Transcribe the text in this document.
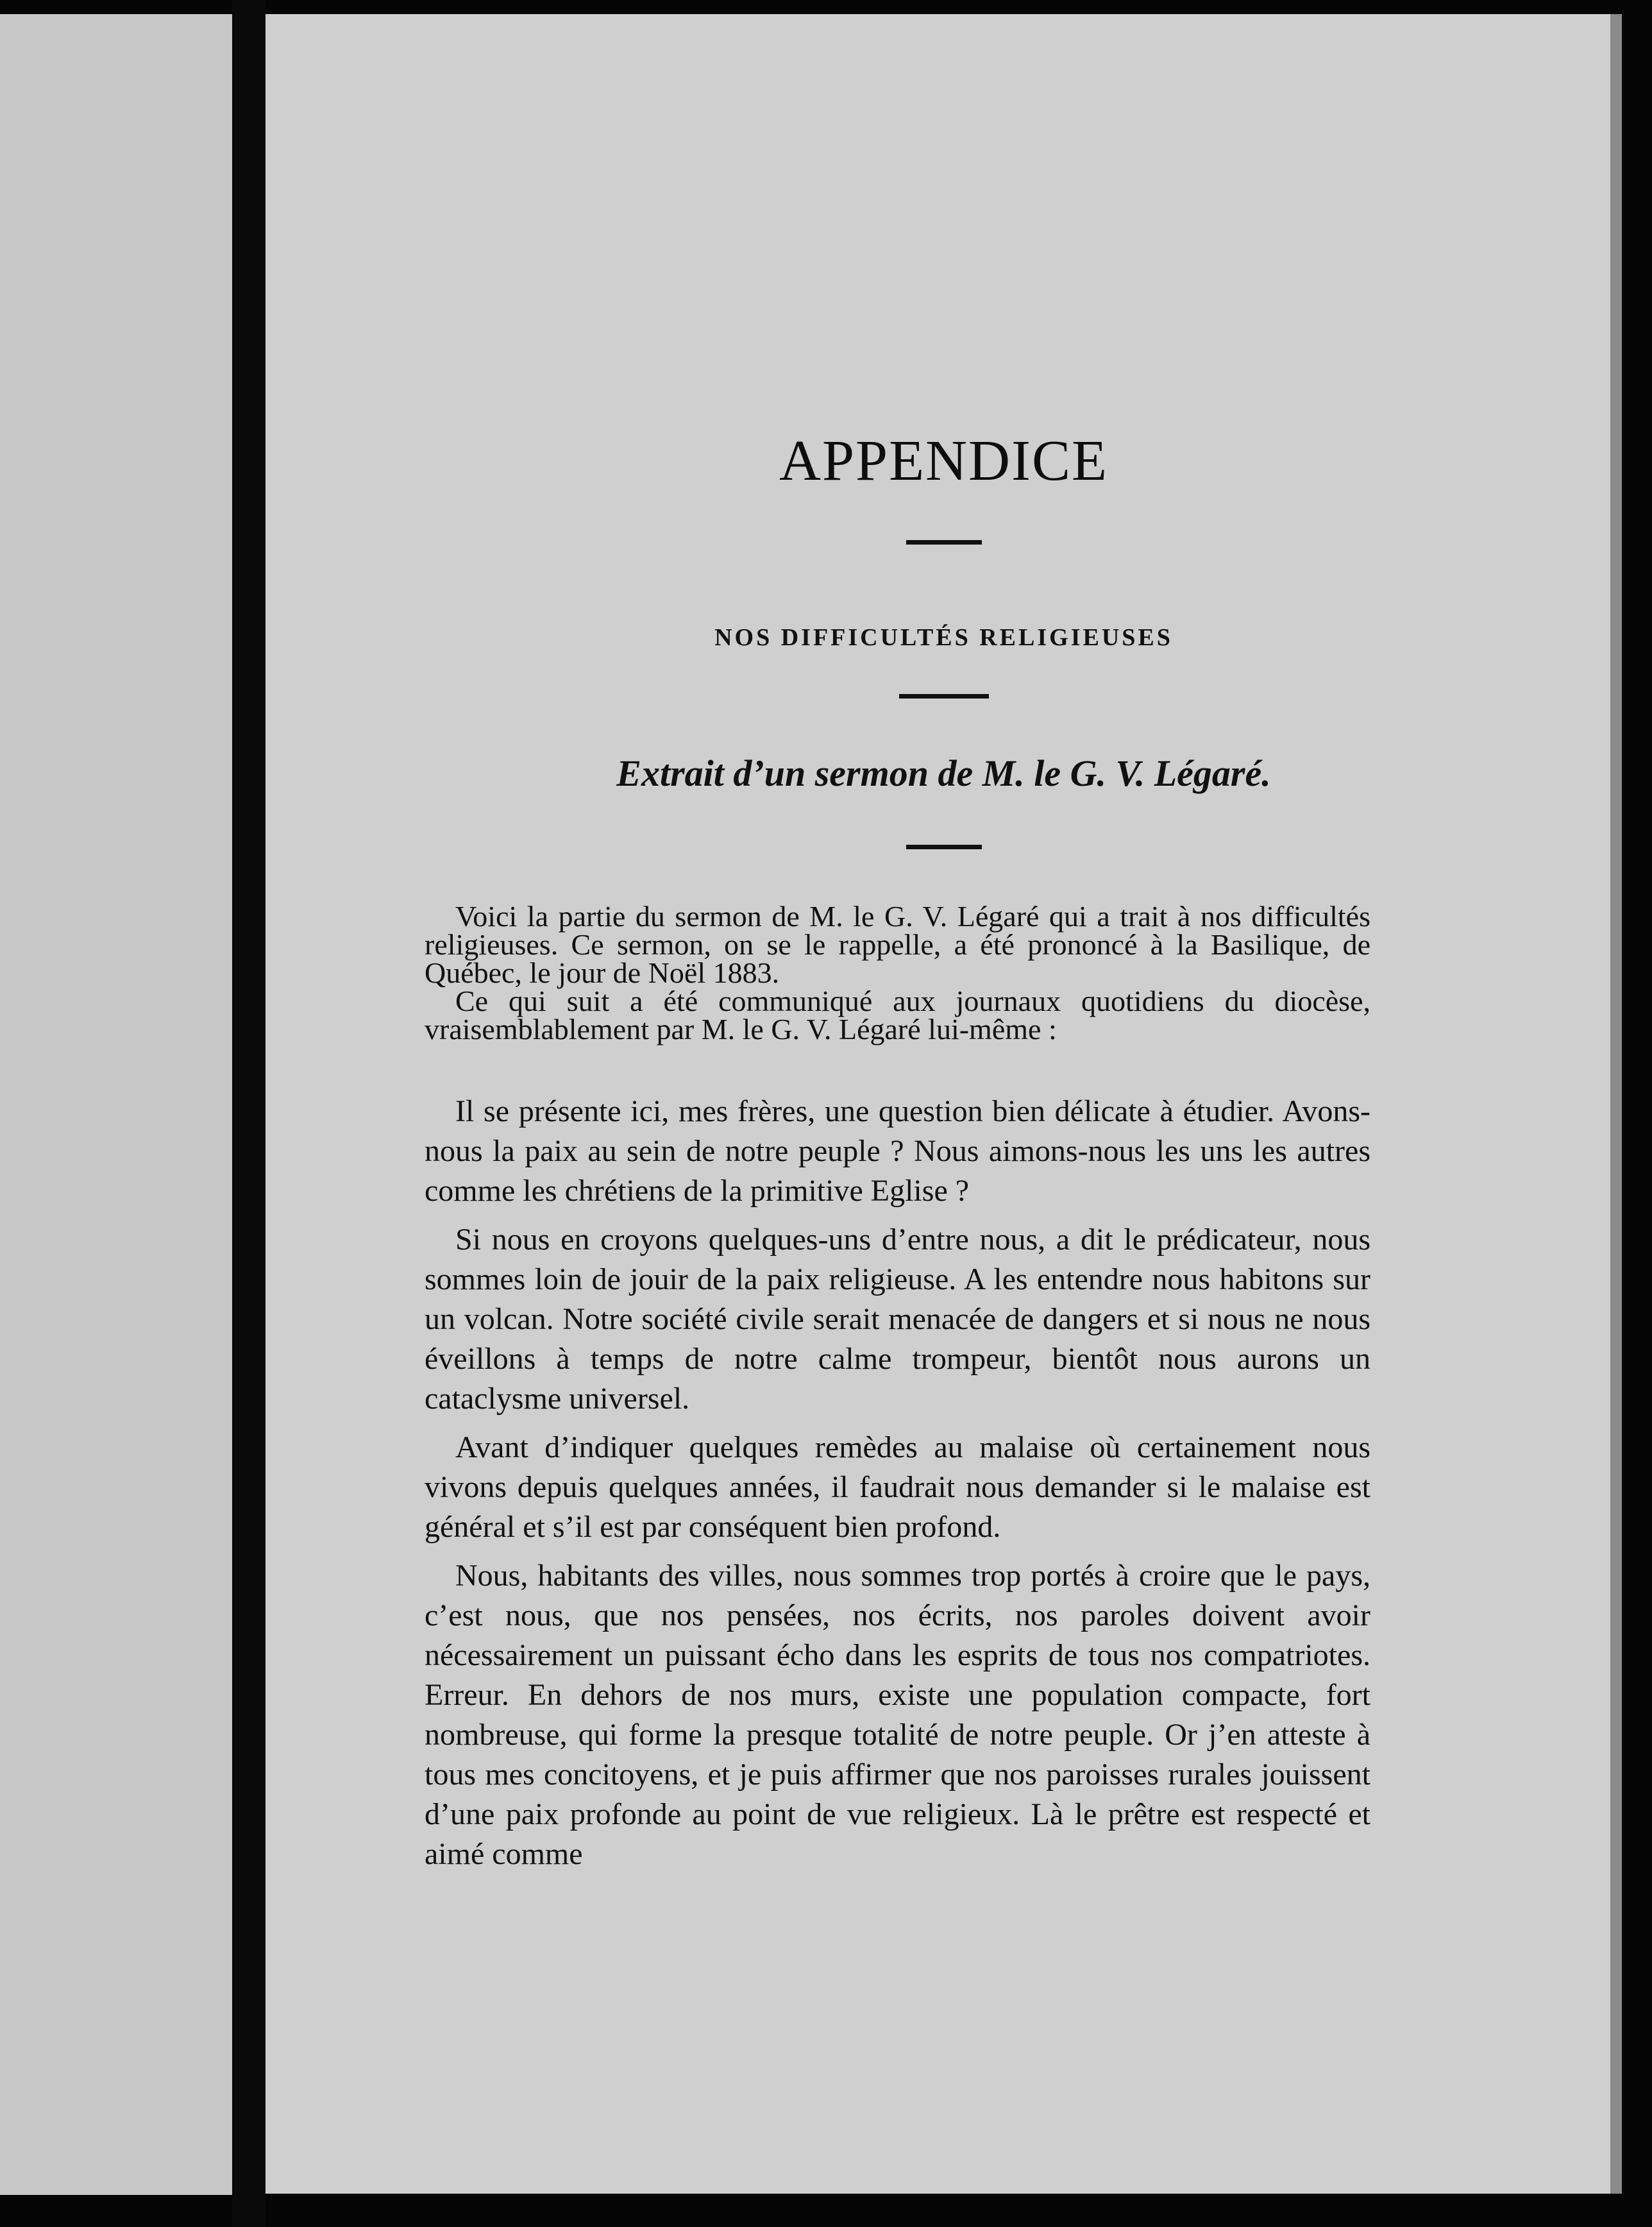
APPENDICE
NOS DIFFICULTÉS RELIGIEUSES
Extrait d’un sermon de M. le G. V. Légaré.

Voici la partie du sermon de M. le G. V. Légaré qui a trait à nos difficultés religieuses. Ce sermon, on se le rappelle, a été prononcé à la Basilique, de Québec, le jour de Noël 1883.

Ce qui suit a été communiqué aux journaux quotidiens du diocèse, vraisemblablement par M. le G. V. Légaré lui-même :

Il se présente ici, mes frères, une question bien délicate à étudier. Avons-nous la paix au sein de notre peuple ? Nous aimons-nous les uns les autres comme les chrétiens de la primitive Eglise ?

Si nous en croyons quelques-uns d’entre nous, a dit le prédicateur, nous sommes loin de jouir de la paix religieuse. A les entendre nous habitons sur un volcan. Notre société civile serait menacée de dangers et si nous ne nous éveillons à temps de notre calme trompeur, bientôt nous aurons un cataclysme universel.

Avant d’indiquer quelques remèdes au malaise où certainement nous vivons depuis quelques années, il faudrait nous demander si le malaise est général et s’il est par conséquent bien profond.

Nous, habitants des villes, nous sommes trop portés à croire que le pays, c’est nous, que nos pensées, nos écrits, nos paroles doivent avoir nécessairement un puissant écho dans les esprits de tous nos compatriotes. Erreur. En dehors de nos murs, existe une population compacte, fort nombreuse, qui forme la presque totalité de notre peuple. Or j’en atteste à tous mes concitoyens, et je puis affirmer que nos paroisses rurales jouissent d’une paix profonde au point de vue religieux. Là le prêtre est respecté et aimé comme
